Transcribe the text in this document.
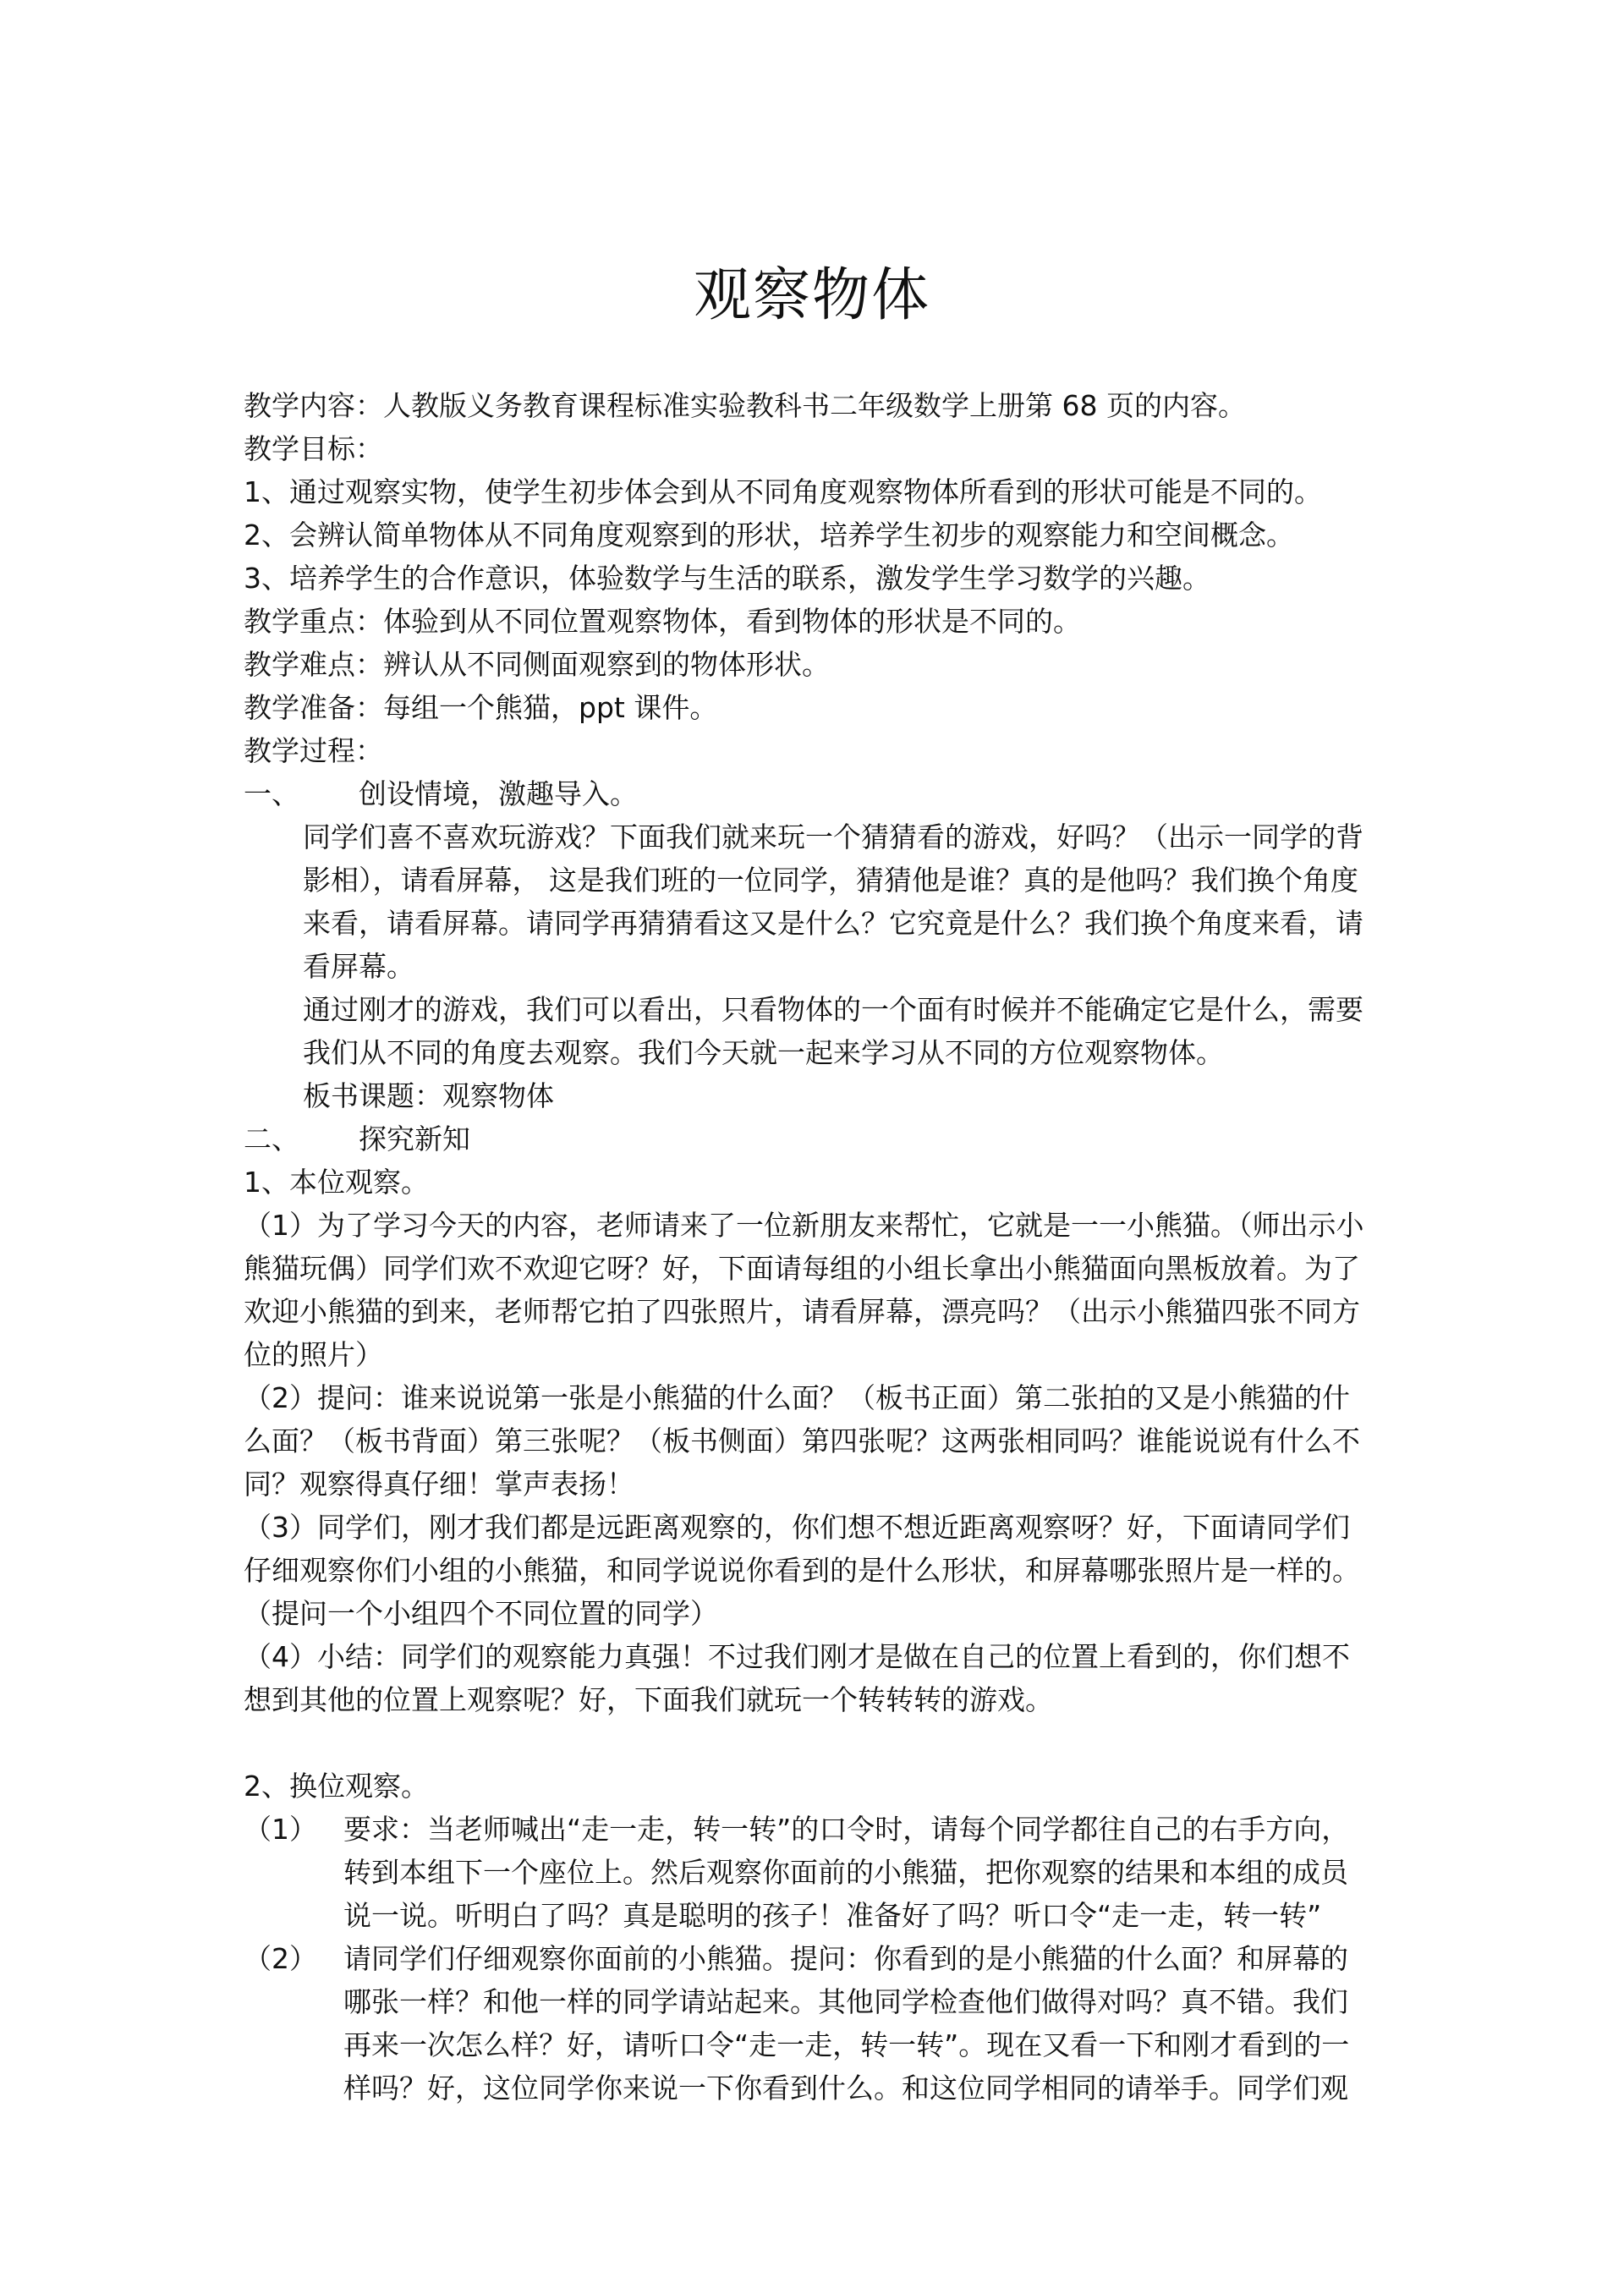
观察物体
教学内容：人教版义务教育课程标准实验教科书二年级数学上册第 68 页的内容。
教学目标：
1、通过观察实物，使学生初步体会到从不同角度观察物体所看到的形状可能是不同的。
2、会辨认简单物体从不同角度观察到的形状，培养学生初步的观察能力和空间概念。
3、培养学生的合作意识，体验数学与生活的联系，激发学生学习数学的兴趣。
教学重点：体验到从不同位置观察物体，看到物体的形状是不同的。
教学难点：辨认从不同侧面观察到的物体形状。
教学准备：每组一个熊猫，ppt 课件。
教学过程：
一、	创设情境，激趣导入。
同学们喜不喜欢玩游戏？下面我们就来玩一个猜猜看的游戏，好吗？（出示一同学的背
影相），请看屏幕， 这是我们班的一位同学，猜猜他是谁？真的是他吗？我们换个角度
来看，请看屏幕。请同学再猜猜看这又是什么？它究竟是什么？我们换个角度来看，请
看屏幕。
通过刚才的游戏，我们可以看出，只看物体的一个面有时候并不能确定它是什么，需要
我们从不同的角度去观察。我们今天就一起来学习从不同的方位观察物体。
板书课题：观察物体
二、	探究新知
1、本位观察。
（1）为了学习今天的内容，老师请来了一位新朋友来帮忙，它就是一一小熊猫。（师出示小
熊猫玩偶）同学们欢不欢迎它呀？好，下面请每组的小组长拿出小熊猫面向黑板放着。为了
欢迎小熊猫的到来，老师帮它拍了四张照片，请看屏幕，漂亮吗？（出示小熊猫四张不同方
位的照片）
（2）提问：谁来说说第一张是小熊猫的什么面？（板书正面）第二张拍的又是小熊猫的什
么面？（板书背面）第三张呢？（板书侧面）第四张呢？这两张相同吗？谁能说说有什么不
同？观察得真仔细！掌声表扬！
（3）同学们，刚才我们都是远距离观察的，你们想不想近距离观察呀？好，下面请同学们
仔细观察你们小组的小熊猫，和同学说说你看到的是什么形状，和屏幕哪张照片是一样的。
（提问一个小组四个不同位置的同学）
（4）小结：同学们的观察能力真强！不过我们刚才是做在自己的位置上看到的，你们想不
想到其他的位置上观察呢？好，下面我们就玩一个转转转的游戏。
2、换位观察。
（1） 要求：当老师喊出“走一走，转一转”的口令时，请每个同学都往自己的右手方向，
转到本组下一个座位上。然后观察你面前的小熊猫，把你观察的结果和本组的成员
说一说。听明白了吗？真是聪明的孩子！准备好了吗？听口令“走一走，转一转”
（2） 请同学们仔细观察你面前的小熊猫。提问：你看到的是小熊猫的什么面？和屏幕的
哪张一样？和他一样的同学请站起来。其他同学检查他们做得对吗？真不错。我们
再来一次怎么样？好，请听口令“走一走，转一转”。现在又看一下和刚才看到的一
样吗？好，这位同学你来说一下你看到什么。和这位同学相同的请举手。同学们观
